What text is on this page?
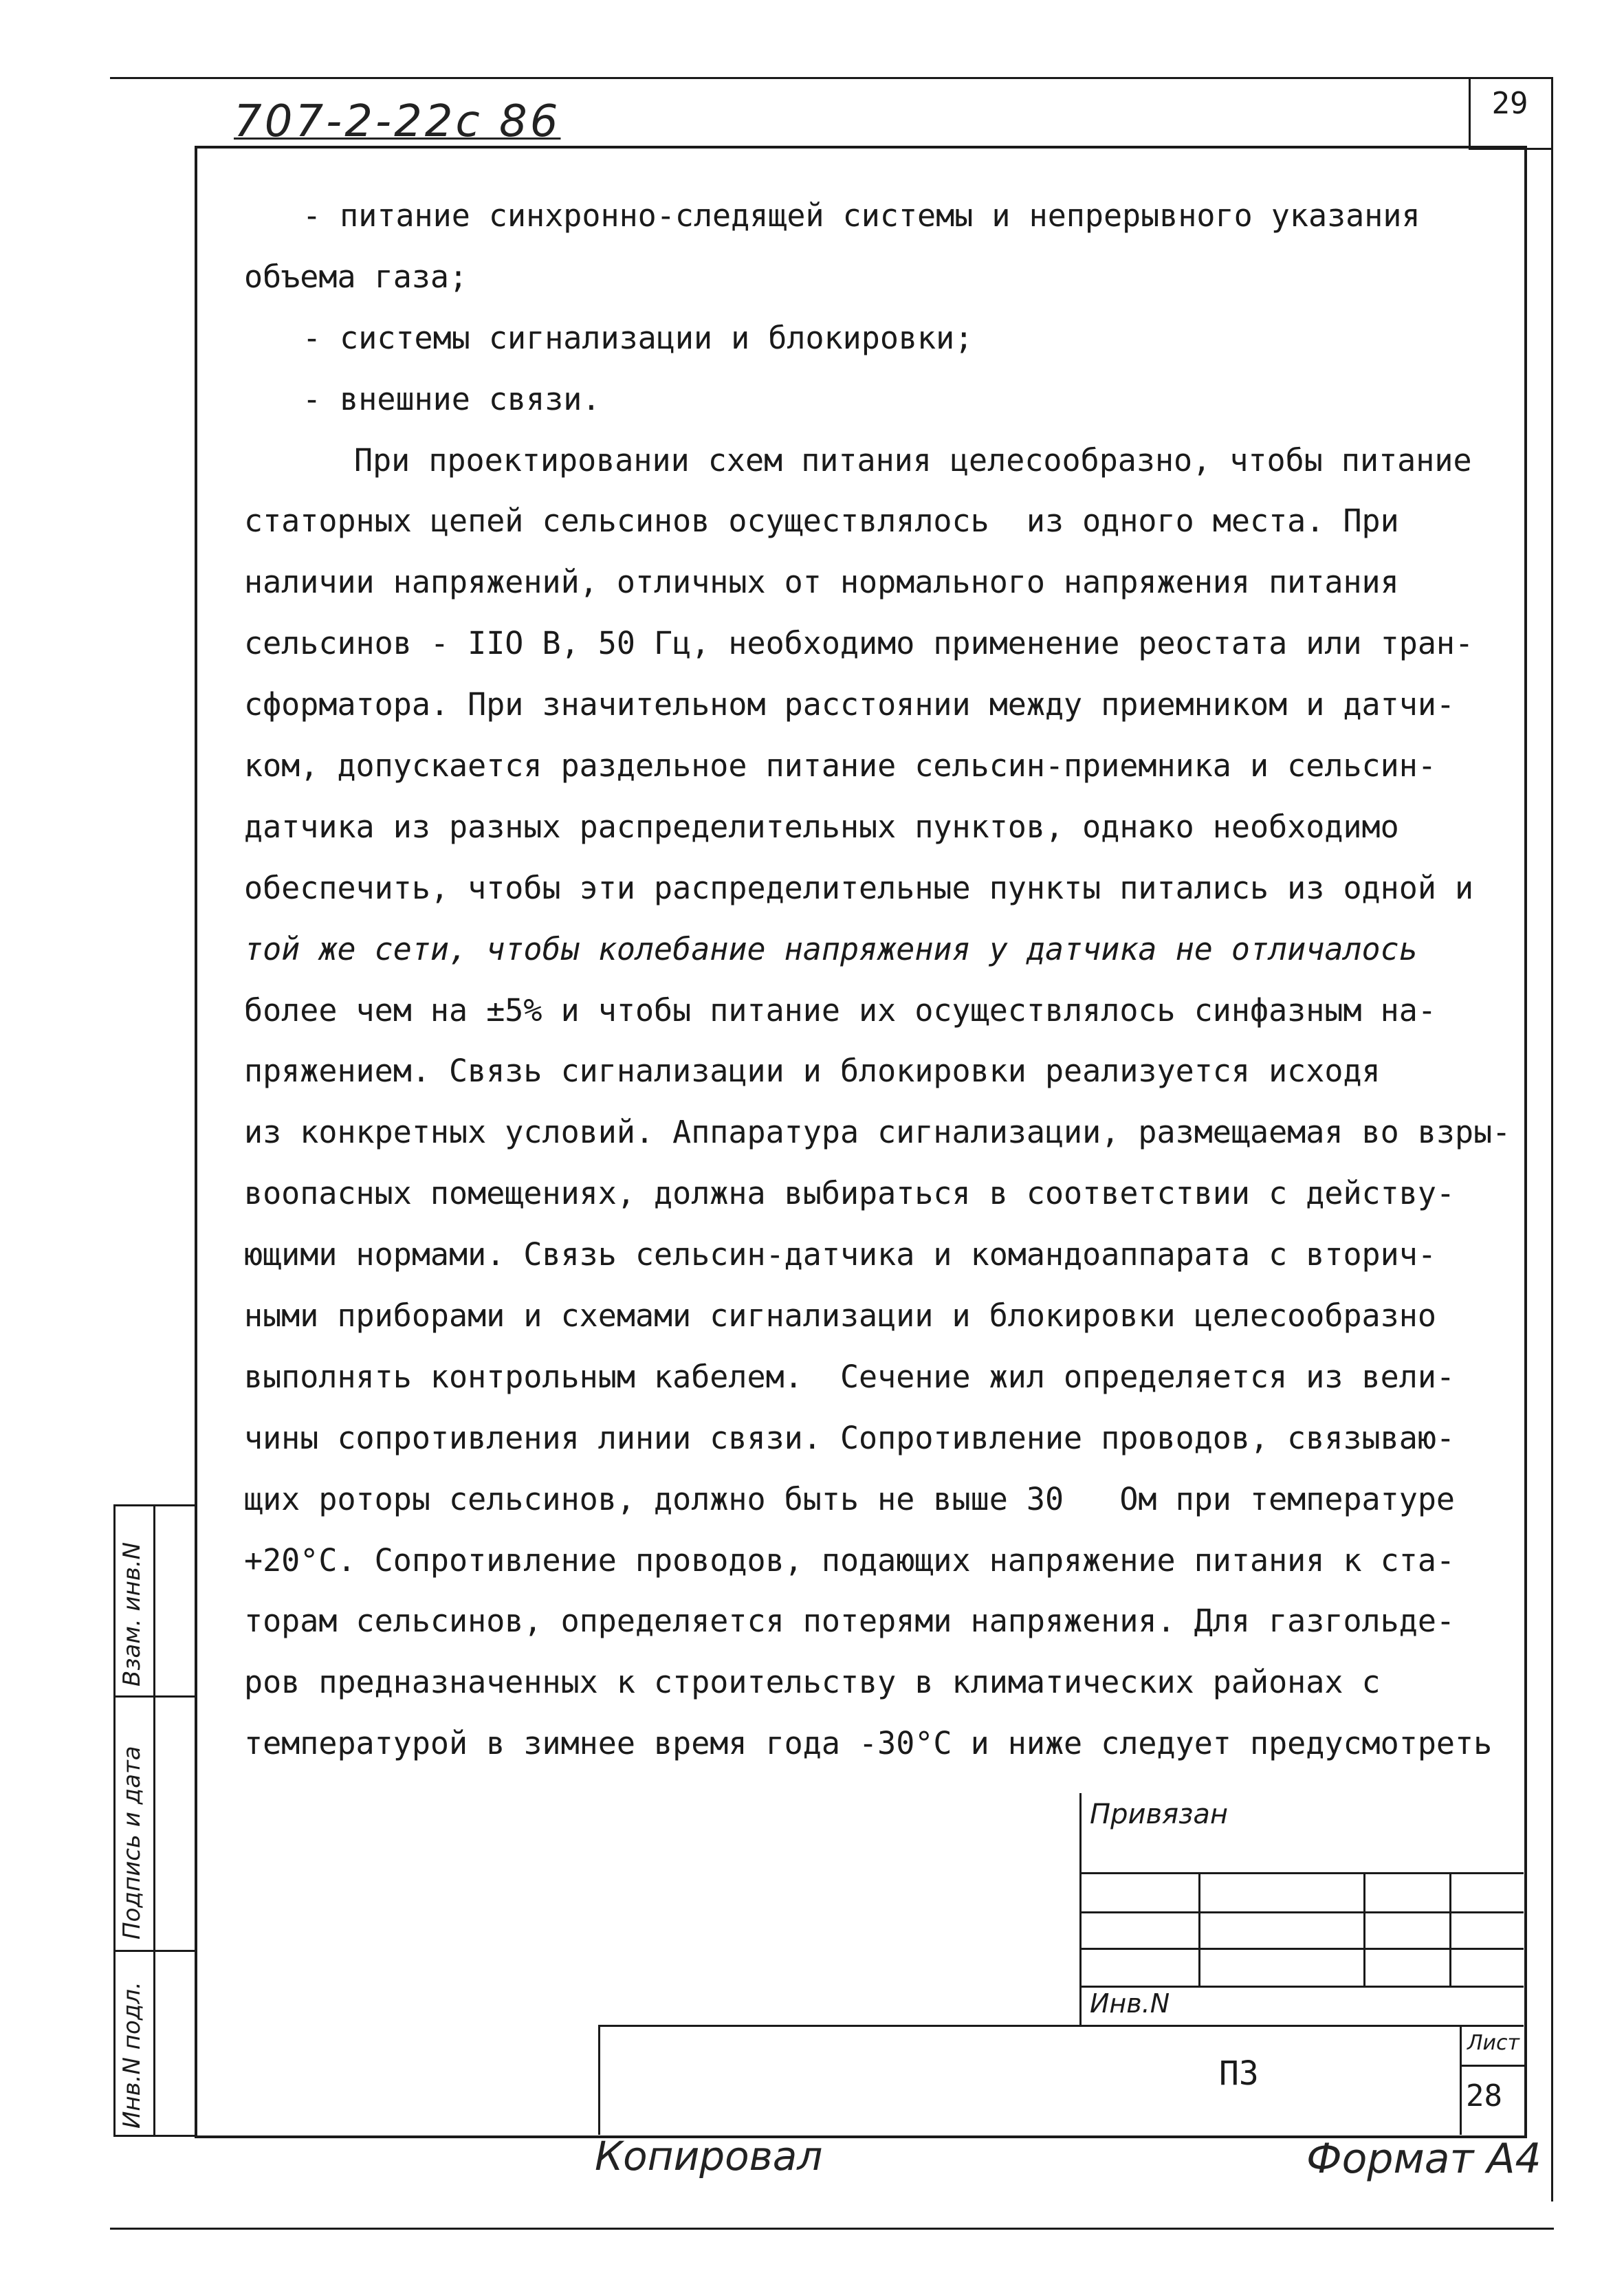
707-2-22с 86	29
- питание синхронно-следящей системы и непрерывного указания
объема газа;
- системы сигнализации и блокировки;
- внешние связи.
При проектировании схем питания целесообразно, чтобы питание
статорных цепей сельсинов осуществлялось  из одного места. При
наличии напряжений, отличных от нормального напряжения питания
сельсинов - IIO В, 50 Гц, необходимо применение реостата или тран-
сформатора. При значительном расстоянии между приемником и датчи-
ком, допускается раздельное питание сельсин-приемника и сельсин-
датчика из разных распределительных пунктов, однако необходимо
обеспечить, чтобы эти распределительные пункты питались из одной и
той же сети, чтобы колебание напряжения у датчика не отличалось
более чем на ±5% и чтобы питание их осуществлялось синфазным на-
пряжением. Связь сигнализации и блокировки реализуется исходя
из конкретных условий. Аппаратура сигнализации, размещаемая во взры-
воопасных помещениях, должна выбираться в соответствии с действу-
ющими нормами. Связь сельсин-датчика и командоаппарата с вторич-
ными приборами и схемами сигнализации и блокировки целесообразно
выполнять контрольным кабелем.  Сечение жил определяется из вели-
чины сопротивления линии связи. Сопротивление проводов, связываю-
щих роторы сельсинов, должно быть не выше 30   Ом при температуре
+20°С. Сопротивление проводов, подающих напряжение питания к ста-
торам сельсинов, определяется потерями напряжения. Для газгольде-
ров предназначенных к строительству в климатических районах с
температурой в зимнее время года -30°С и ниже следует предусмотреть
Взам. инв.N
Подпись и дата
Инв.N подл.
Привязан
Инв.N
ПЗ
Лист
28
Копировал	Формат А4
